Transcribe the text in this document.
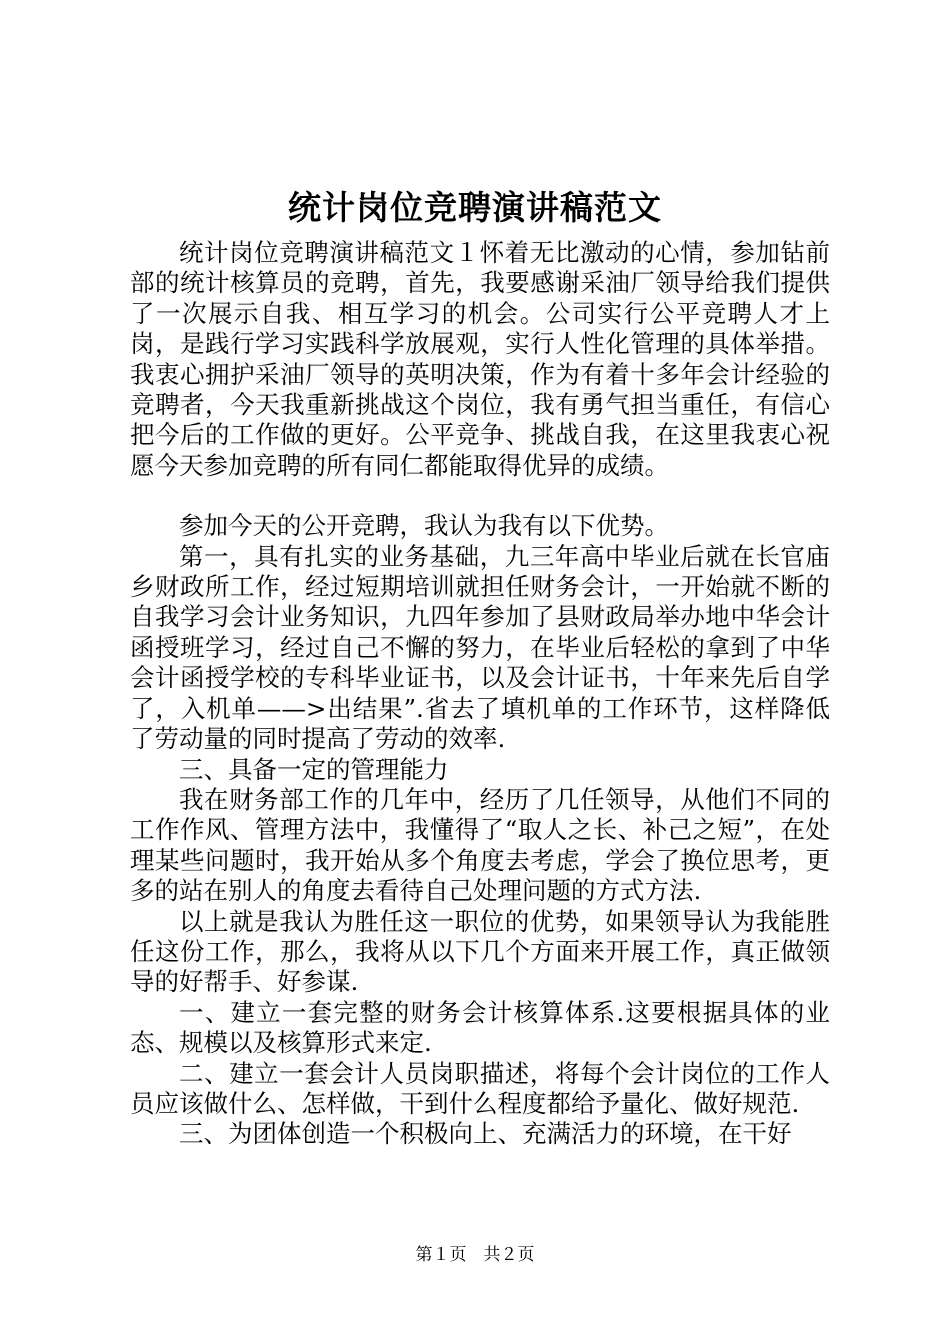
统计岗位竞聘演讲稿范文

统计岗位竞聘演讲稿范文１怀着无比激动的心情，参加钻前部的统计核算员的竞聘，首先，我要感谢采油厂领导给我们提供了一次展示自我、相互学习的机会。公司实行公平竞聘人才上岗，是践行学习实践科学放展观，实行人性化管理的具体举措。我衷心拥护采油厂领导的英明决策，作为有着十多年会计经验的竞聘者，今天我重新挑战这个岗位，我有勇气担当重任，有信心把今后的工作做的更好。公平竞争、挑战自我，在这里我衷心祝愿今天参加竞聘的所有同仁都能取得优异的成绩。

参加今天的公开竞聘，我认为我有以下优势。

第一，具有扎实的业务基础，九三年高中毕业后就在长官庙乡财政所工作，经过短期培训就担任财务会计，一开始就不断的自我学习会计业务知识，九四年参加了县财政局举办地中华会计函授班学习，经过自己不懈的努力，在毕业后轻松的拿到了中华会计函授学校的专科毕业证书，以及会计证书，十年来先后自学了，入机单——>出结果”.省去了填机单的工作环节，这样降低了劳动量的同时提高了劳动的效率.

三、具备一定的管理能力

我在财务部工作的几年中，经历了几任领导，从他们不同的工作作风、管理方法中，我懂得了“取人之长、补己之短”，在处理某些问题时，我开始从多个角度去考虑，学会了换位思考，更多的站在别人的角度去看待自己处理问题的方式方法.

以上就是我认为胜任这一职位的优势，如果领导认为我能胜任这份工作，那么，我将从以下几个方面来开展工作，真正做领导的好帮手、好参谋.

一、建立一套完整的财务会计核算体系.这要根据具体的业态、规模以及核算形式来定.

二、建立一套会计人员岗职描述，将每个会计岗位的工作人员应该做什么、怎样做，干到什么程度都给予量化、做好规范.

三、为团体创造一个积极向上、充满活力的环境，在干好

第１页　共２页
